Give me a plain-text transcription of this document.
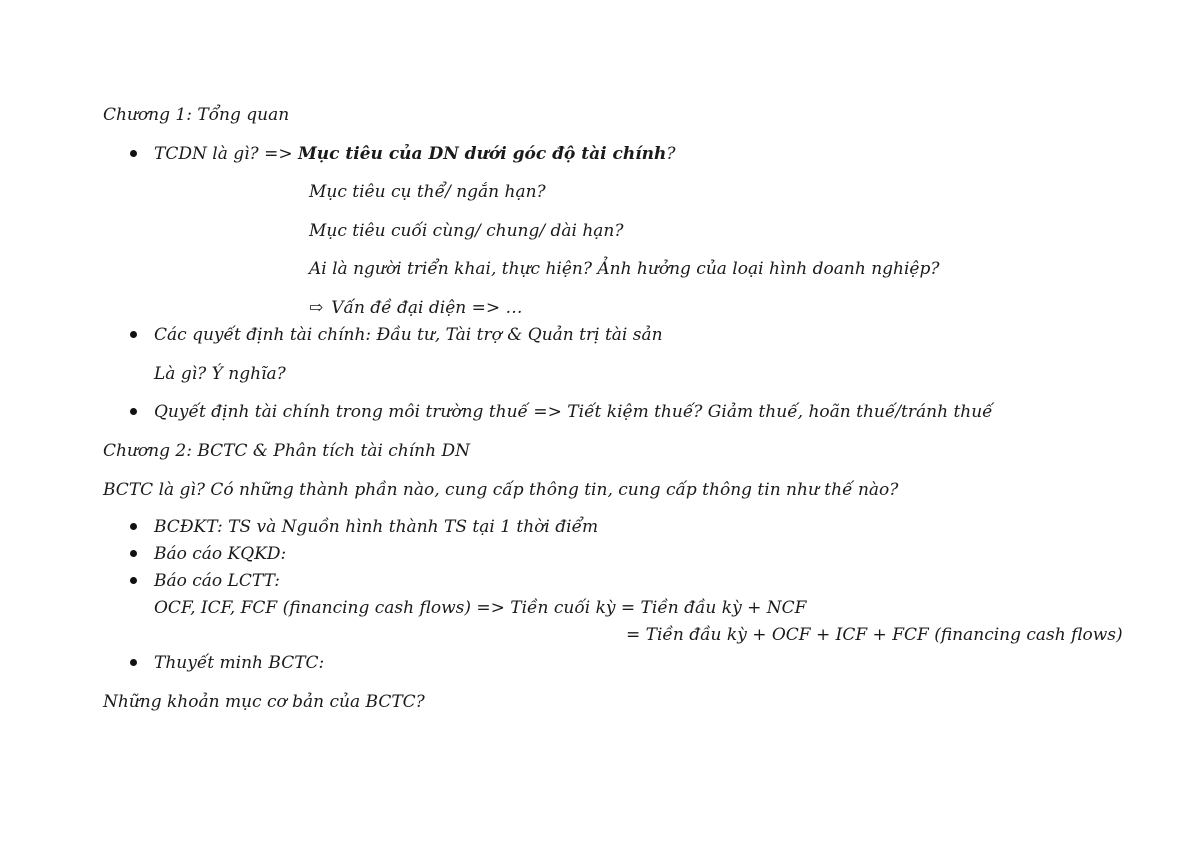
Chương 1: Tổng quan
TCDN là gì? => Mục tiêu của DN dưới góc độ tài chính?
Mục tiêu cụ thể/ ngắn hạn?
Mục tiêu cuối cùng/ chung/ dài hạn?
Ai là người triển khai, thực hiện? Ảnh hưởng của loại hình doanh nghiệp?
⇨ Vấn đề đại diện => …
Các quyết định tài chính: Đầu tư, Tài trợ & Quản trị tài sản
Là gì? Ý nghĩa?
Quyết định tài chính trong môi trường thuế => Tiết kiệm thuế? Giảm thuế, hoãn thuế/tránh thuế
Chương 2: BCTC & Phân tích tài chính DN
BCTC là gì? Có những thành phần nào, cung cấp thông tin, cung cấp thông tin như thế nào?
BCĐKT: TS và Nguồn hình thành TS tại 1 thời điểm
Báo cáo KQKD:
Báo cáo LCTT:
OCF, ICF, FCF (financing cash flows) => Tiền cuối kỳ = Tiền đầu kỳ + NCF
= Tiền đầu kỳ + OCF + ICF + FCF (financing cash flows)
Thuyết minh BCTC:
Những khoản mục cơ bản của BCTC?
